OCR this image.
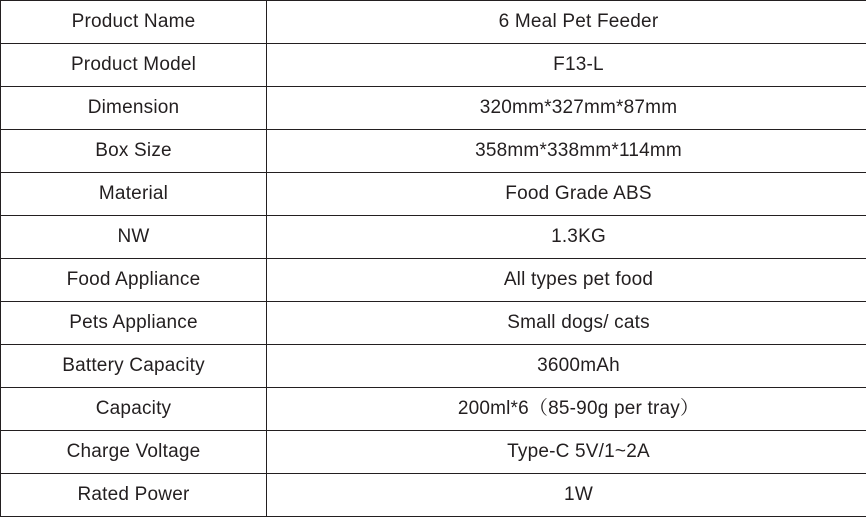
Product Name	6 Meal Pet Feeder
Product Model	F13-L
Dimension	320mm*327mm*87mm
Box Size	358mm*338mm*114mm
Material	Food Grade ABS
NW	1.3KG
Food Appliance	All types pet food
Pets Appliance	Small dogs/ cats
Battery Capacity	3600mAh
Capacity	200ml*6（85-90g per tray）
Charge Voltage	Type-C 5V/1~2A
Rated Power	1W
